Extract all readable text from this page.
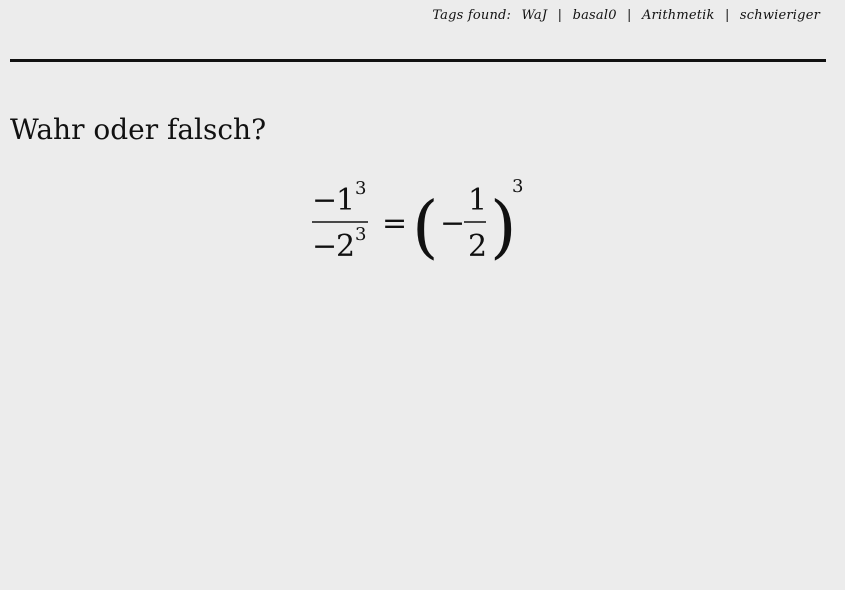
Tags found: WaJ | basal0 | Arithmetik | schwieriger
Wahr oder falsch?
−
1 3
−
2 3 = ( −
1
2 )
3
